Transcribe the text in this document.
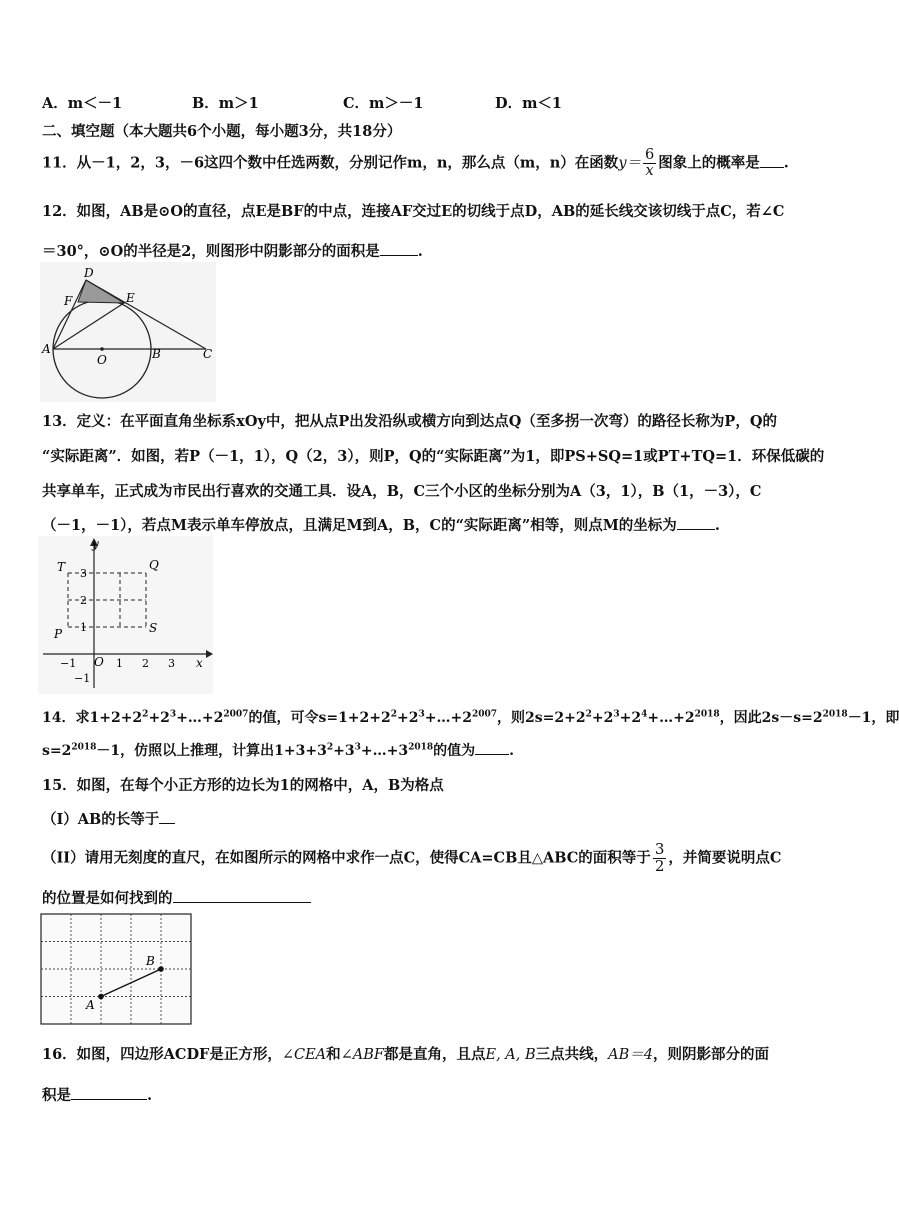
A．m＜－1	B．m＞1	C．m＞－1	D．m＜1
二、填空题（本大题共6个小题，每小题3分，共18分）
11．从－1，2，3，－6这四个数中任选两数，分别记作m，n，那么点（m，n）在函数$y= \frac{6}{x}$ 图象上的概率是 .
12．如图，AB是⊙O的直径，点E是BF的中点，连接AF交过E的切线于点D，AB的延长线交该切线于点C，若∠C
＝30°，⊙O的半径是2，则图形中阴影部分的面积是	.
D
F	E
A
O	B	C
13．定义：在平面直角坐标系xOy中，把从点P出发沿纵或横方向到达点Q（至多拐一次弯）的路径长称为P，Q的
“实际距离”．如图，若P（－1，1），Q（2，3），则P，Q的“实际距离”为1，即PS+SQ=1或PT+TQ=1．环保低碳的
共享单车，正式成为市民出行喜欢的交通工具．设A，B，C三个小区的坐标分别为A（3，1），B（1，－3），C
（－1，－1），若点M表示单车停放点，且满足M到A，B，C的“实际距离”相等，则点M的坐标为	.
y
x
O
T	Q
P	S
3
2
1
−1
−1	1 2 3
14．求$1+2+2^2+2^3+\dots+2^{2007}$的值，可令$s=1+2+2^2+2^3+\dots+2^{2007}$，则$2s=2+2^2+2^3+2^4+\dots+2^{2018}$，因此$2s-s=2^{2018}-1$，即
$s=2^{2018}-1$，仿照以上推理，计算出$1+3+3^2+3^3+\dots+3^{2018}$的值为 .
15．如图，在每个小正方形的边长为1的网格中，A，B为格点
（I）AB的长等于
（II）请用无刻度的直尺，在如图所示的网格中求作一点C，使得CA=CB且△ABC的面积等于 $\frac{3}{2}$ ，并简要说明点C
的位置是如何找到的
A
B
16．如图，四边形ACDF是正方形，∠CEA和∠ABF都是直角，且点E, A, B三点共线，AB＝4，则阴影部分的面
积是	.
